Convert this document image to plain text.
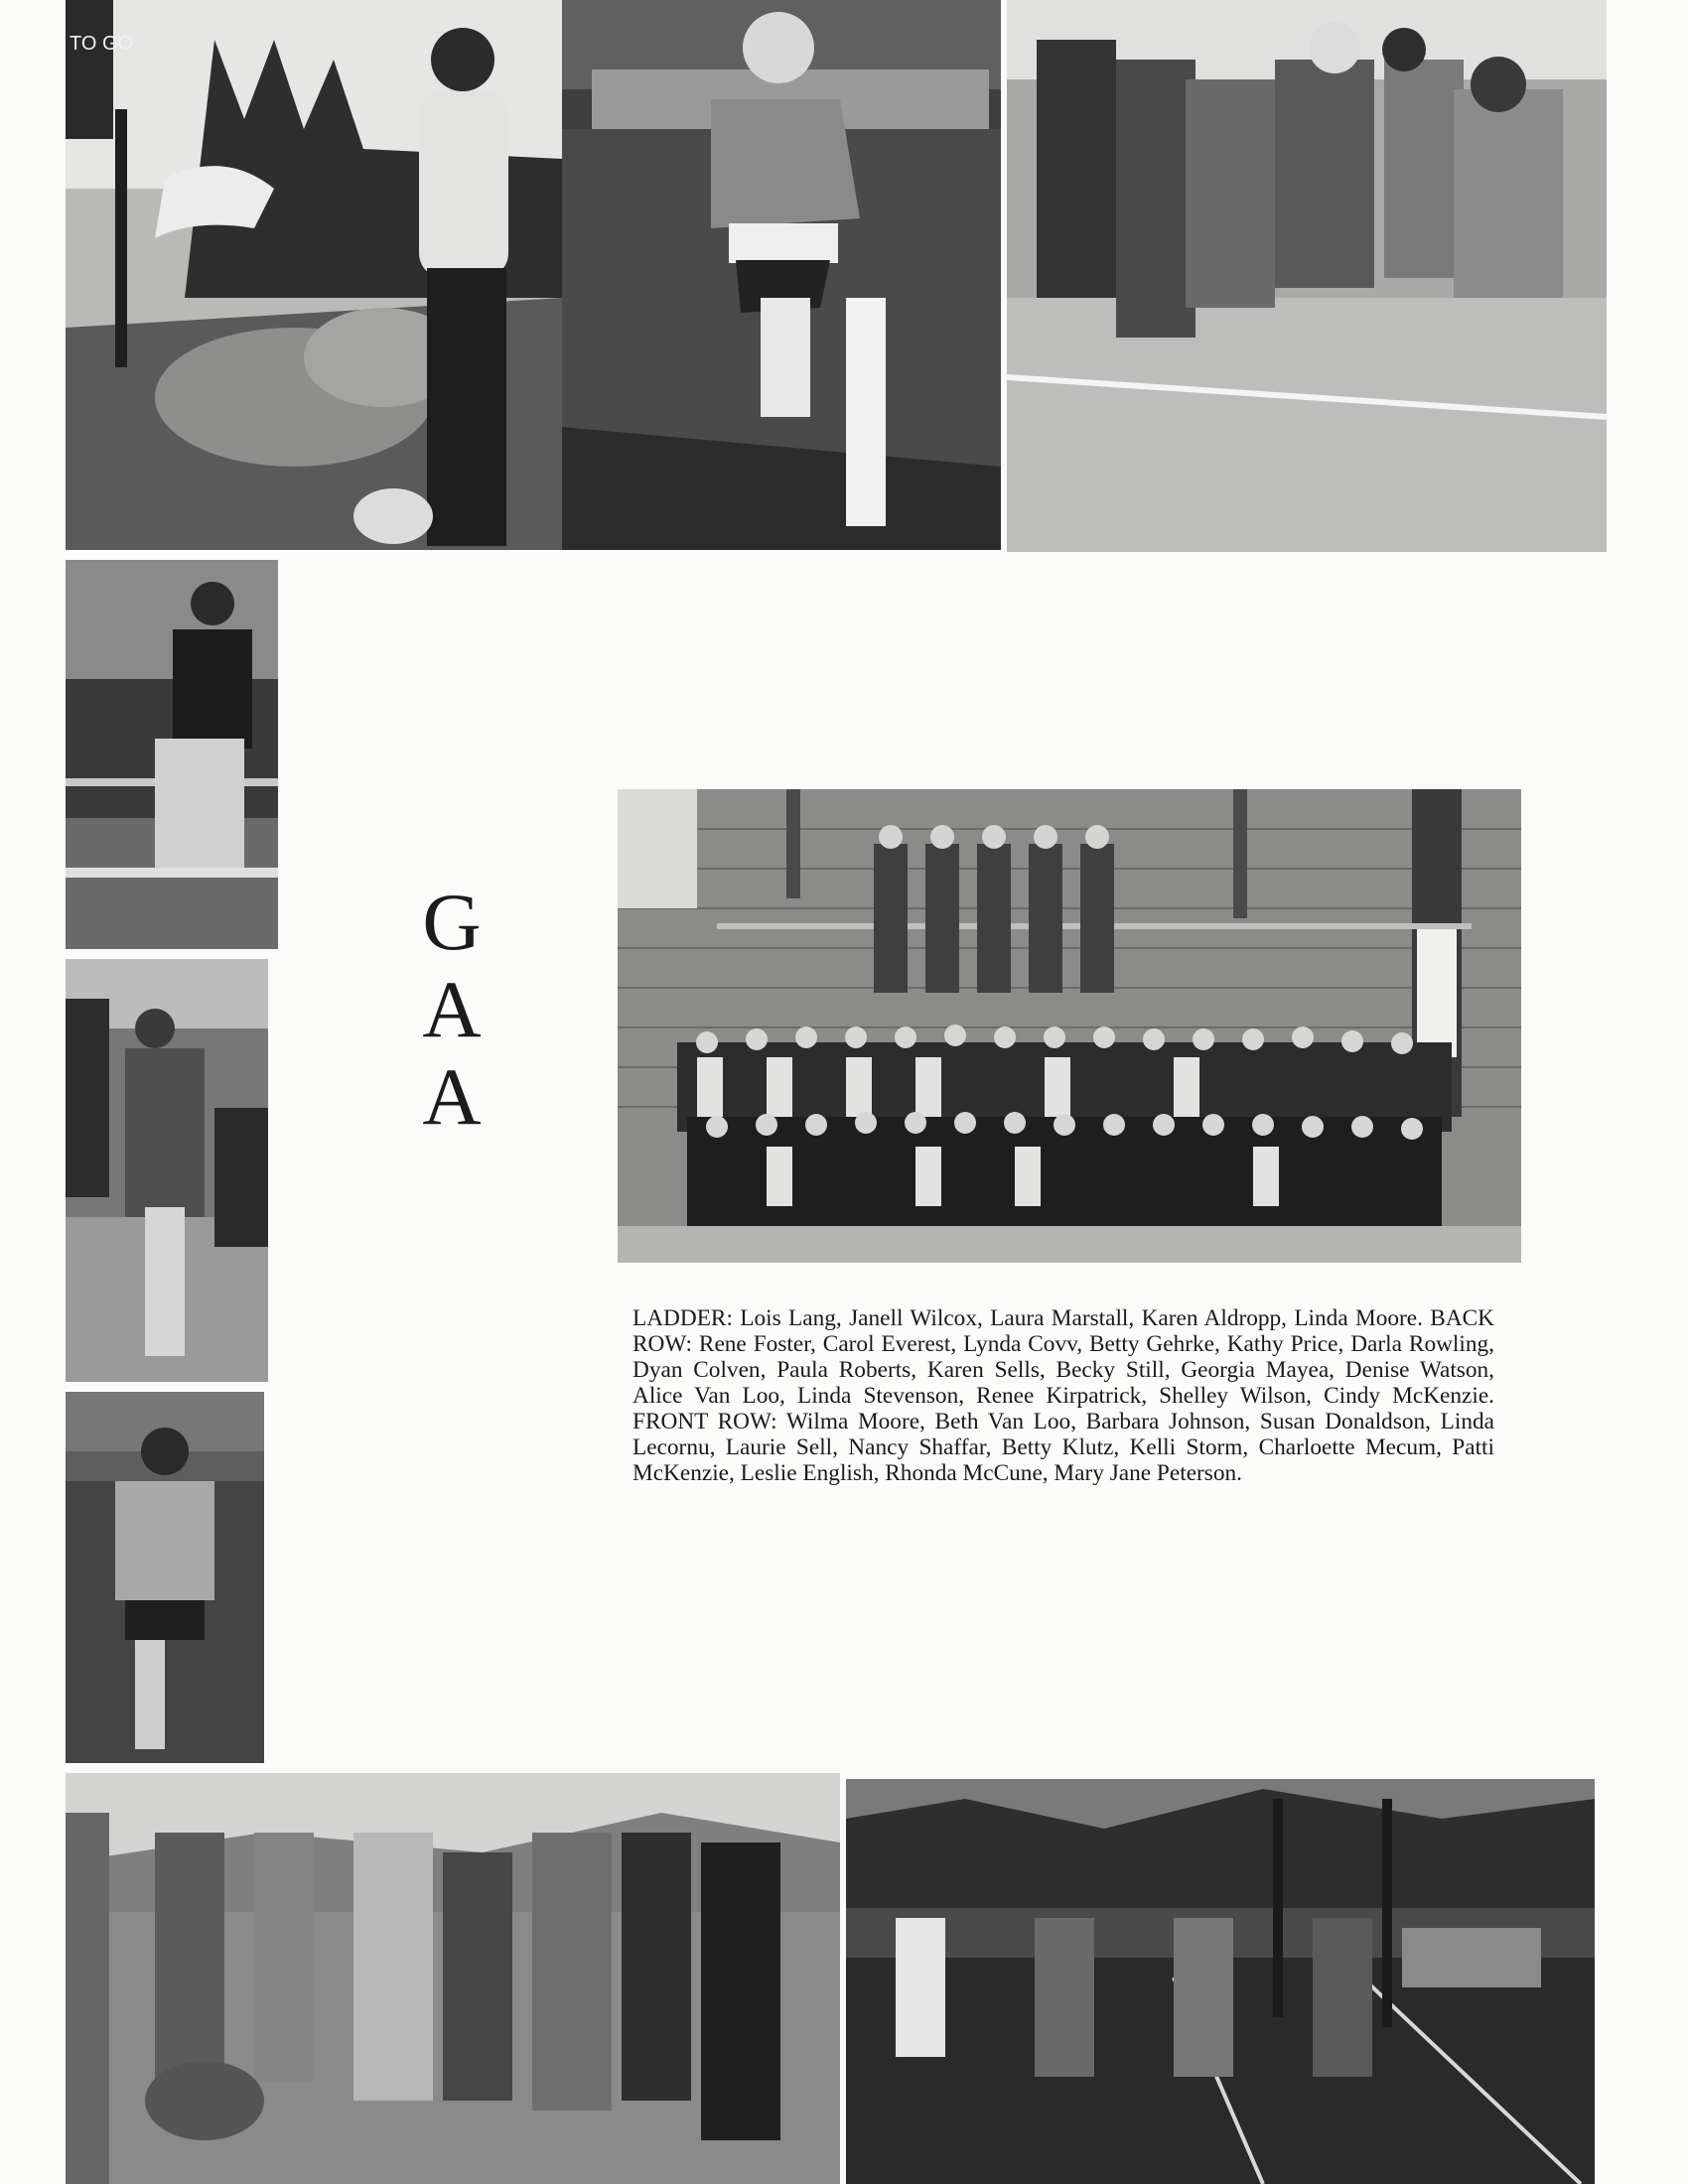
TO GO
G
A
A
LADDER: Lois Lang, Janell Wilcox, Laura Marstall, Karen Aldropp, Linda Moore. BACK ROW: Rene Foster, Carol Everest, Lynda Covv, Betty Gehrke, Kathy Price, Darla Rowling, Dyan Colven, Paula Roberts, Karen Sells, Becky Still, Georgia Mayea, Denise Watson, Alice Van Loo, Linda Stevenson, Renee Kirpatrick, Shelley Wilson, Cindy McKenzie. FRONT ROW: Wilma Moore, Beth Van Loo, Barbara Johnson, Susan Donaldson, Linda Lecornu, Laurie Sell, Nancy Shaffar, Betty Klutz, Kelli Storm, Charloette Mecum, Patti McKenzie, Leslie English, Rhonda McCune, Mary Jane Peterson.
